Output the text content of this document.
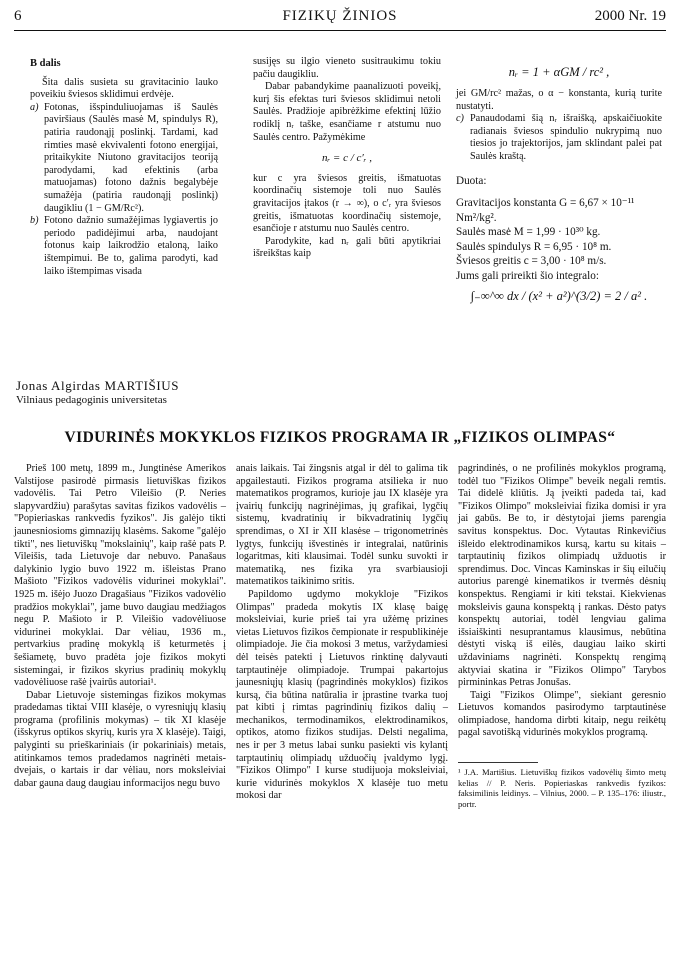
6	FIZIKŲ ŽINIOS	2000 Nr. 19

B dalis

Šita dalis susieta su gravitacinio lauko poveikiu šviesos sklidimui erdvėje.

a) Fotonas, išspinduliuojamas iš Saulės paviršiaus (Saulės masė M, spindulys R), patiria raudonąjį poslinkį. Tardami, kad rimties masė ekvivalenti fotono energijai, pritaikykite Niutono gravitacijos teoriją parodydami, kad efektinis (arba matuojamas) fotono dažnis begalybėje sumažėja (patiria raudonąjį poslinkį) daugikliu (1 − GM/Rc²).

b) Fotono dažnio sumažėjimas lygiavertis jo periodo padidėjimui arba, naudojant fotonus kaip laikrodžio etaloną, laiko ištempimui. Be to, galima parodyti, kad laiko ištempimas visada

susijęs su ilgio vieneto susitraukimu tokiu pačiu daugikliu.

Dabar pabandykime paanalizuoti poveikį, kurį šis efektas turi šviesos sklidimui netoli Saulės. Pradžioje apibrėžkime efektinį lūžio rodiklį nᵣ taške, esančiame r atstumu nuo Saulės centro. Pažymėkime

nᵣ = c / c′ᵣ ,

kur c yra šviesos greitis, išmatuotas koordinačių sistemoje toli nuo Saulės gravitacijos įtakos (r → ∞), o c′ᵣ yra šviesos greitis, išmatuotas koordinačių sistemoje, esančioje r atstumu nuo Saulės centro.

Parodykite, kad nᵣ gali būti apytikriai išreikštas kaip

nᵣ = 1 + αGM / rc² ,

jei GM/rc² mažas, o α − konstanta, kurią turite nustatyti.

c) Panaudodami šią nᵣ išraišką, apskaičiuokite radianais šviesos spindulio nukrypimą nuo tiesios jo trajektorijos, jam sklindant palei pat Saulės kraštą.

Duota:
Gravitacijos konstanta G = 6,67 × 10⁻¹¹ Nm²/kg².
Saulės masė M = 1,99 · 10³⁰ kg.
Saulės spindulys R = 6,95 · 10⁸ m.
Šviesos greitis c = 3,00 · 10⁸ m/s.
Jums gali prireikti šio integralo:
∫₋∞^∞ dx / (x² + a²)^(3/2) = 2 / a² .
Jonas Algirdas MARTIŠIUS
Vilniaus pedagoginis universitetas
VIDURINĖS MOKYKLOS FIZIKOS PROGRAMA IR „FIZIKOS OLIMPAS“

Prieš 100 metų, 1899 m., Jungtinėse Amerikos Valstijose pasirodė pirmasis lietuviškas fizikos vadovėlis. Tai Petro Vileišio (P. Neries slapyvardžiu) parašytas savitas fizikos vadovėlis – "Popieriaskas rankvedis fyzikos". Jis galėjo tikti jaunesniosioms gimnazijų klasėms. Sakome "galėjo tikti", nes lietuviškų "mokslainių", kaip rašė pats P. Vileišis, tada Lietuvoje dar nebuvo. Panašaus dalykinio lygio buvo 1922 m. išleistas Prano Mašioto "Fizikos vadovėlis vidurinei mokyklai". 1925 m. išėjo Juozo Dragašiaus "Fizikos vadovėlio pradžios mokyklai", jame buvo daugiau medžiagos negu P. Mašioto ir P. Vileišio vadovėliuose vidurinei mokyklai. Dar vėliau, 1936 m., pertvarkius pradinę mokyklą iš keturmetės į šešiametę, buvo pradėta joje fizikos mokyti sistemingai, ir fizikos skyrius pradinių mokyklų vadovėliuose rašė įvairūs autoriai¹.

Dabar Lietuvoje sistemingas fizikos mokymas pradedamas tiktai VIII klasėje, o vyresniųjų klasių programa (profilinis mokymas) – tik XI klasėje (išskyrus optikos skyrių, kuris yra X klasėje). Taigi, palyginti su prieškariniais (ir pokariniais) metais, atitinkamos temos pradedamos nagrinėti metais-dvejais, o kartais ir dar vėliau, nors moksleiviai dabar gauna daug daugiau informacijos negu buvo

anais laikais. Tai žingsnis atgal ir dėl to galima tik apgailestauti. Fizikos programa atsilieka ir nuo matematikos programos, kurioje jau IX klasėje yra įvairių funkcijų nagrinėjimas, jų grafikai, lygčių sistemų, kvadratinių ir bikvadratinių lygčių sprendimas, o XI ir XII klasėse – trigonometrinės lygtys, funkcijų išvestinės ir integralai, natūrinis logaritmas, kiti klausimai. Todėl sunku suvokti ir matematiką, nes fizika yra svarbiausioji matematikos taikinimo sritis.

Papildomo ugdymo mokykloje "Fizikos Olimpas" pradeda mokytis IX klasę baigę moksleiviai, kurie prieš tai yra užėmę prizines vietas Lietuvos fizikos čempionate ir respublikinėje olimpiadoje. Jie čia mokosi 3 metus, varžydamiesi dėl teisės patekti į Lietuvos rinktinę dalyvauti tarptautinėje olimpiadoje. Trumpai pakartojus jaunesniųjų klasių (pagrindinės mokyklos) fizikos kursą, čia būtina natūralia ir įprastine tvarka tuoj pat kibti į rimtas pagrindinių fizikos dalių – mechanikos, termodinamikos, elektrodinamikos, optikos, atomo fizikos studijas. Delsti negalima, nes ir per 3 metus labai sunku pasiekti vis kylantį tarptautinių olimpiadų užduočių įvaldymo lygį. "Fizikos Olimpo" I kurse studijuoja moksleiviai, kurie vidurinės mokyklos X klasėje tuo metu mokosi dar

pagrindinės, o ne profilinės mokyklos programą, todėl tuo "Fizikos Olimpe" beveik negali remtis. Tai didelė kliūtis. Ją įveikti padeda tai, kad "Fizikos Olimpo" moksleiviai fizika domisi ir yra jai gabūs. Be to, ir dėstytojai jiems parengia savitus konspektus. Doc. Vytautas Rinkevičius išleido elektrodinamikos kursą, kartu su kitais – tarptautinių fizikos olimpiadų užduotis ir sprendimus. Doc. Vincas Kaminskas ir šių eilučių autorius parengė kinematikos ir tvermės dėsnių konspektus. Rengiami ir kiti tekstai. Kiekvienas moksleivis gauna konspektą į rankas. Dėsto patys konspektų autoriai, todėl lengviau galima išsiaiškinti nesuprantamus klausimus, nebūtina dėstyti viską iš eilės, daugiau laiko skirti uždaviniams nagrinėti. Konspektų rengimą aktyviai skatina ir "Fizikos Olimpo" Tarybos pirmininkas Petras Jonušas.

Taigi "Fizikos Olimpe", siekiant geresnio Lietuvos komandos pasirodymo tarptautinėse olimpiadose, handoma dirbti kitaip, negu reikėtų pagal savotišką vidurinės mokyklos programą.

¹ J.A. Martišius. Lietuviškų fizikos vadovėlių šimto metų kelias // P. Neris. Popieriaskas rankvedis fyzikos: faksimilinis leidinys. – Vilnius, 2000. – P. 135–176: iliustr., portr.
